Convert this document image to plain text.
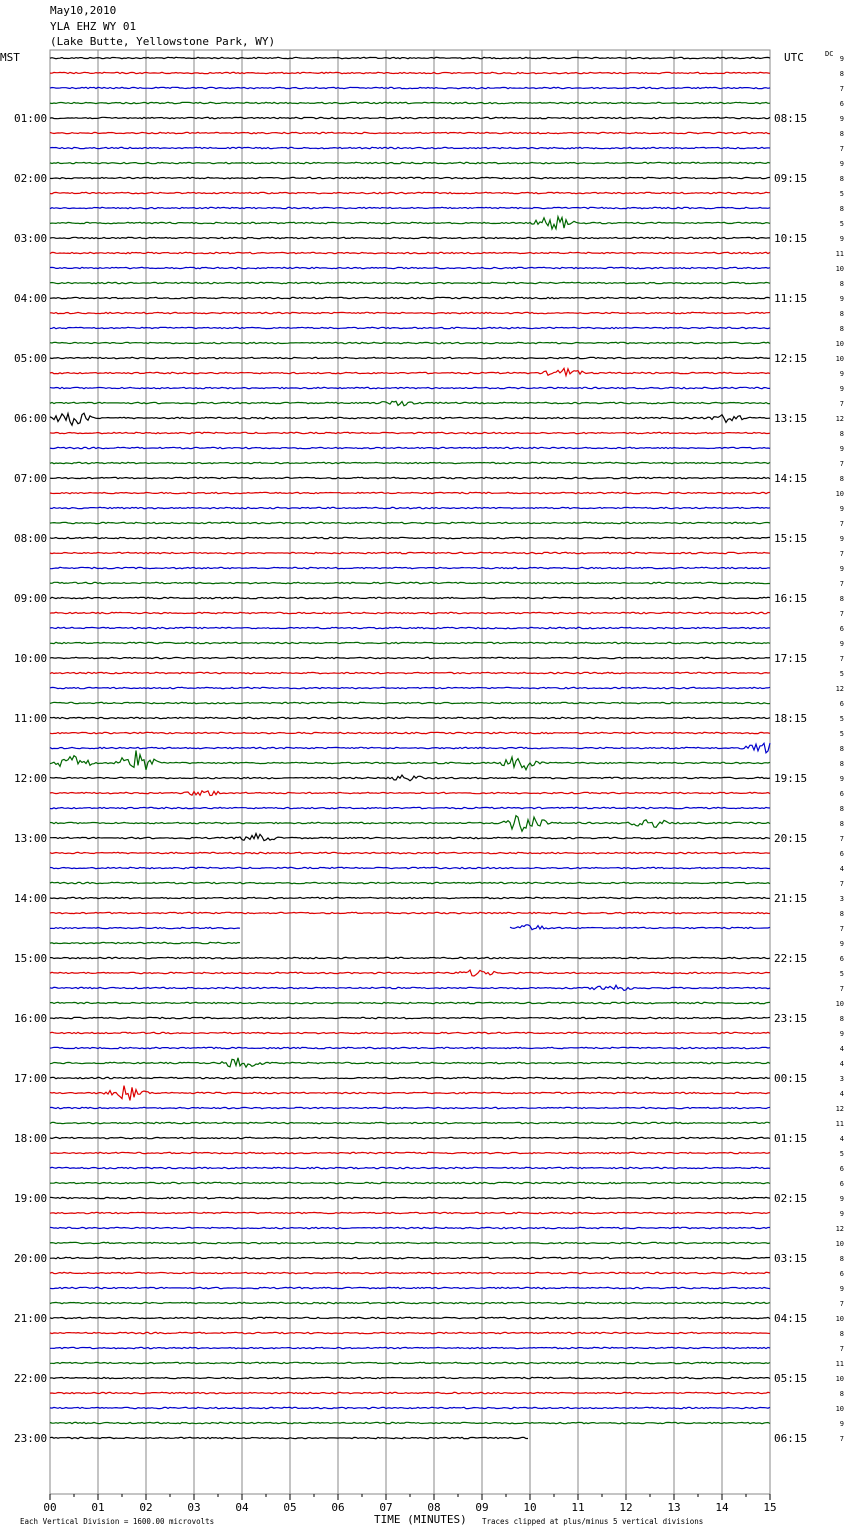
May10,2010
YLA EHZ WY 01
(Lake Butte, Yellowstone Park, WY)
MST	UTC	DC
01:00
02:00
03:00
04:00
05:00
06:00
07:00
08:00
09:00
10:00
11:00
12:00
13:00
14:00
15:00
16:00
17:00
18:00
19:00
20:00
21:00
22:00
23:00
08:15
09:15
10:15
11:15
12:15
13:15
14:15
15:15
16:15
17:15
18:15
19:15
20:15
21:15
22:15
23:15
00:15
01:15
02:15
03:15
04:15
05:15
06:15
9
8
7
6
9
8
7
9
8
5
8
5
9
11
10
8
9
8
8
10
10
9
9
7
12
8
9
7
8
10
9
7
9
7
9
7
8
7
6
9
7
5
12
6
5
5
8
8
9
6
8
8
7
6
4
7
3
8
7
9
6
5
7
10
8
9
4
4
3
4
12
11
4
5
6
6
9
9
12
10
8
6
9
7
10
8
7
11
10
8
10
9
7
00	01	02	03	04	05	06	07	08	09	10	11	12	13	14	15
Each Vertical Division = 1600.00 microvolts	TIME (MINUTES) Traces clipped at plus/minus 5 vertical divisions
